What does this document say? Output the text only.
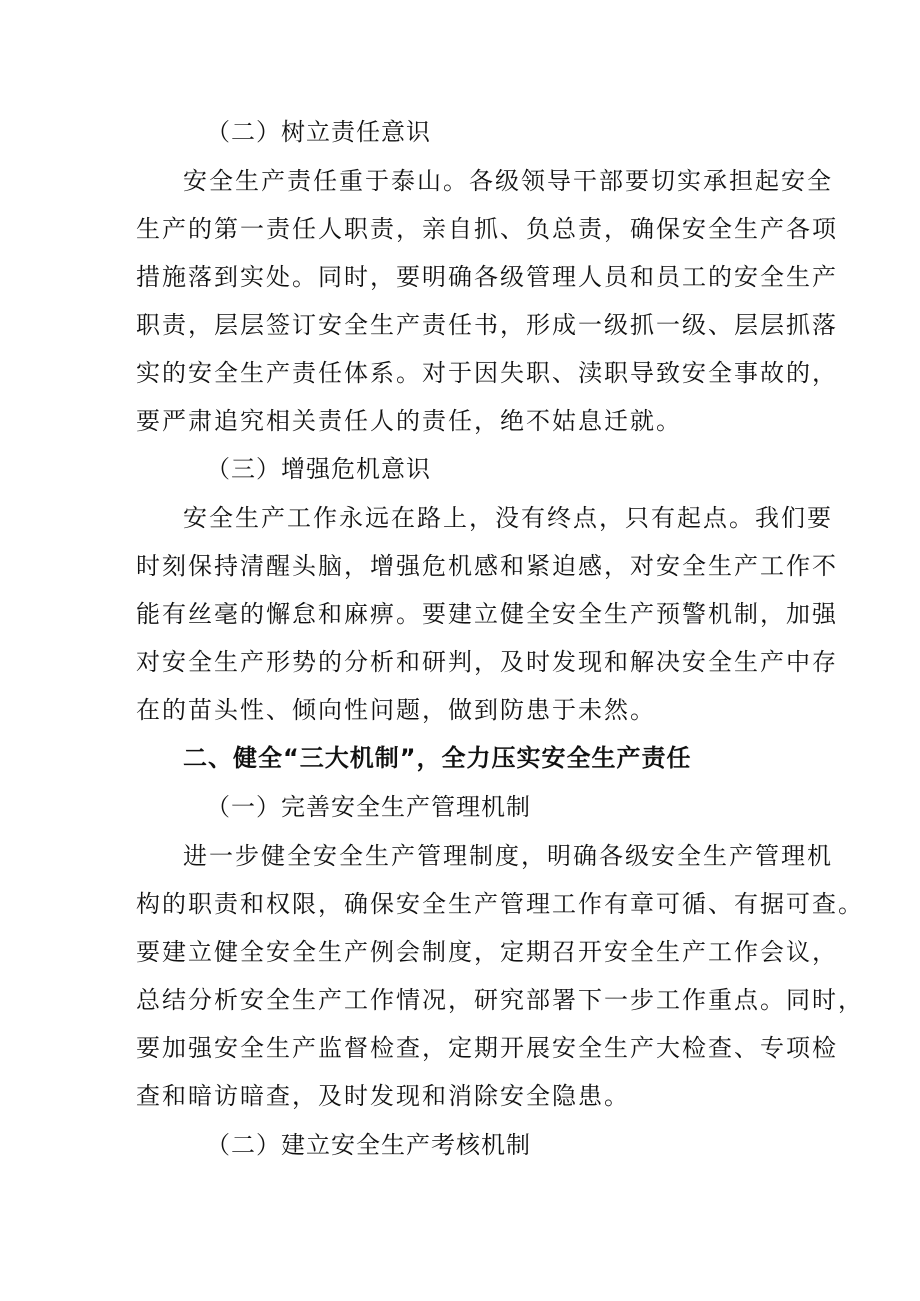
（二）树立责任意识
安全生产责任重于泰山。各级领导干部要切实承担起安全
生产的第一责任人职责，亲自抓、负总责，确保安全生产各项
措施落到实处。同时，要明确各级管理人员和员工的安全生产
职责，层层签订安全生产责任书，形成一级抓一级、层层抓落
实的安全生产责任体系。对于因失职、渎职导致安全事故的，
要严肃追究相关责任人的责任，绝不姑息迁就。
（三）增强危机意识
安全生产工作永远在路上，没有终点，只有起点。我们要
时刻保持清醒头脑，增强危机感和紧迫感，对安全生产工作不
能有丝毫的懈怠和麻痹。要建立健全安全生产预警机制，加强
对安全生产形势的分析和研判，及时发现和解决安全生产中存
在的苗头性、倾向性问题，做到防患于未然。
二、健全“三大机制”，全力压实安全生产责任
（一）完善安全生产管理机制
进一步健全安全生产管理制度，明确各级安全生产管理机
构的职责和权限，确保安全生产管理工作有章可循、有据可查。
要建立健全安全生产例会制度，定期召开安全生产工作会议，
总结分析安全生产工作情况，研究部署下一步工作重点。同时，
要加强安全生产监督检查，定期开展安全生产大检查、专项检
查和暗访暗查，及时发现和消除安全隐患。
（二）建立安全生产考核机制
